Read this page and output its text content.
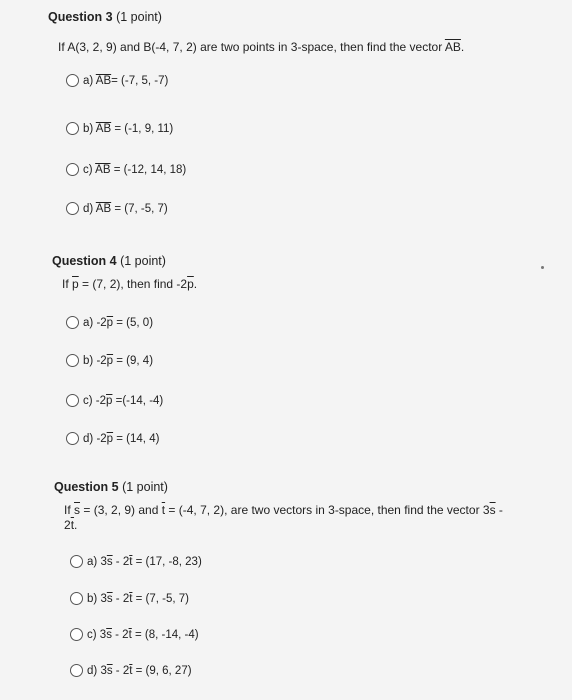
Question 3 (1 point)
If A(3, 2, 9) and B(-4, 7, 2) are two points in 3-space, then find the vector $\overline{AB}$.
a) $\overline{AB}= (-7$, 5, -7)
b) $\overline{AB} = (-1$, 9, 11)
c) $\overline{AB} = (-12$, 14, 18)
d) $\overline{AB} = (7$, -5, 7)
Question 4 (1 point)
If $\overline{p} = (7$, 2), then find $-2\overline{p}$.
a) $-2\overline{p} = (5$, 0)
b) $-2\overline{p} = (9$, 4)
c) $-2\overline{p} =(-14$, -4)
d) $-2\overline{p} = (14$, 4)
Question 5 (1 point)
If $\overline{s} = (3$, 2, 9) and $\overline{t} = (-4$, 7, 2), are two vectors in 3-space, then find the vector $3\overline{s}$ -
$2\overline{t}$.
a) $3\overline{s} - 2\overline{t} = (17$, -8, 23)
b) $3\overline{s} - 2\overline{t} = (7$, -5, 7)
c) $3\overline{s} - 2\overline{t} = (8$, -14, -4)
d) $3\overline{s} - 2\overline{t} = (9$, 6, 27)
